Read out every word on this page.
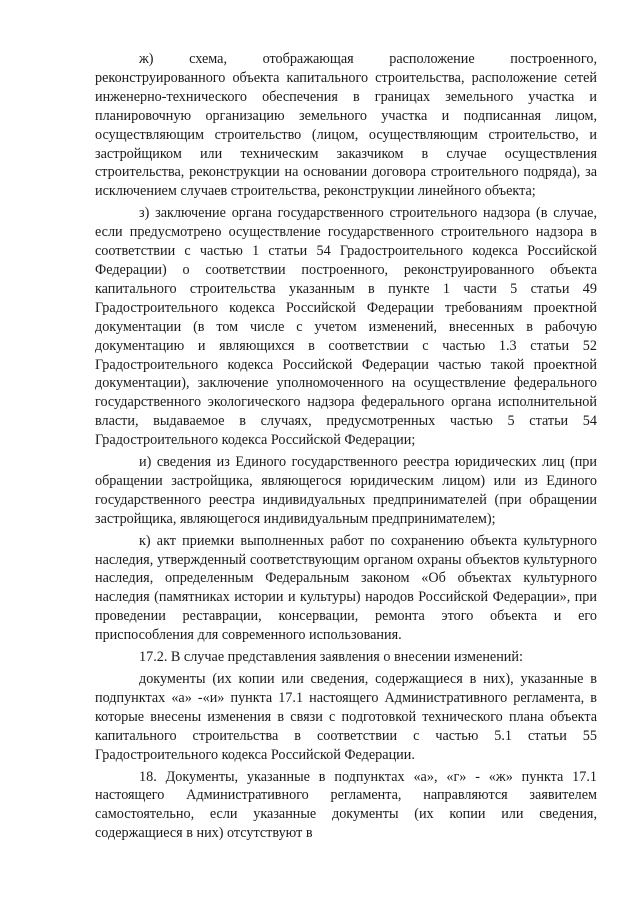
ж) схема, отображающая расположение построенного, реконструированного объекта капитального строительства, расположение сетей инженерно-технического обеспечения в границах земельного участка и планировочную организацию земельного участка и подписанная лицом, осуществляющим строительство (лицом, осуществляющим строительство, и застройщиком или техническим заказчиком в случае осуществления строительства, реконструкции на основании договора строительного подряда), за исключением случаев строительства, реконструкции линейного объекта;

з) заключение органа государственного строительного надзора (в случае, если предусмотрено осуществление государственного строительного надзора в соответствии с частью 1 статьи 54 Градостроительного кодекса Российской Федерации) о соответствии построенного, реконструированного объекта капитального строительства указанным в пункте 1 части 5 статьи 49 Градостроительного кодекса Российской Федерации требованиям проектной документации (в том числе с учетом изменений, внесенных в рабочую документацию и являющихся в соответствии с частью 1.3 статьи 52 Градостроительного кодекса Российской Федерации частью такой проектной документации), заключение уполномоченного на осуществление федерального государственного экологического надзора федерального органа исполнительной власти, выдаваемое в случаях, предусмотренных частью 5 статьи 54 Градостроительного кодекса Российской Федерации;

и) сведения из Единого государственного реестра юридических лиц (при обращении застройщика, являющегося юридическим лицом) или из Единого государственного реестра индивидуальных предпринимателей (при обращении застройщика, являющегося индивидуальным предпринимателем);

к) акт приемки выполненных работ по сохранению объекта культурного наследия, утвержденный соответствующим органом охраны объектов культурного наследия, определенным Федеральным законом «Об объектах культурного наследия (памятниках истории и культуры) народов Российской Федерации», при проведении реставрации, консервации, ремонта этого объекта и его приспособления для современного использования.

17.2. В случае представления заявления о внесении изменений:

документы (их копии или сведения, содержащиеся в них), указанные в подпунктах «а» -«и» пункта 17.1 настоящего Административного регламента, в которые внесены изменения в связи с подготовкой технического плана объекта капитального строительства в соответствии с частью 5.1 статьи 55 Градостроительного кодекса Российской Федерации.

18. Документы, указанные в подпунктах «а», «г» - «ж» пункта 17.1 настоящего Административного регламента, направляются заявителем самостоятельно, если указанные документы (их копии или сведения, содержащиеся в них) отсутствуют в
